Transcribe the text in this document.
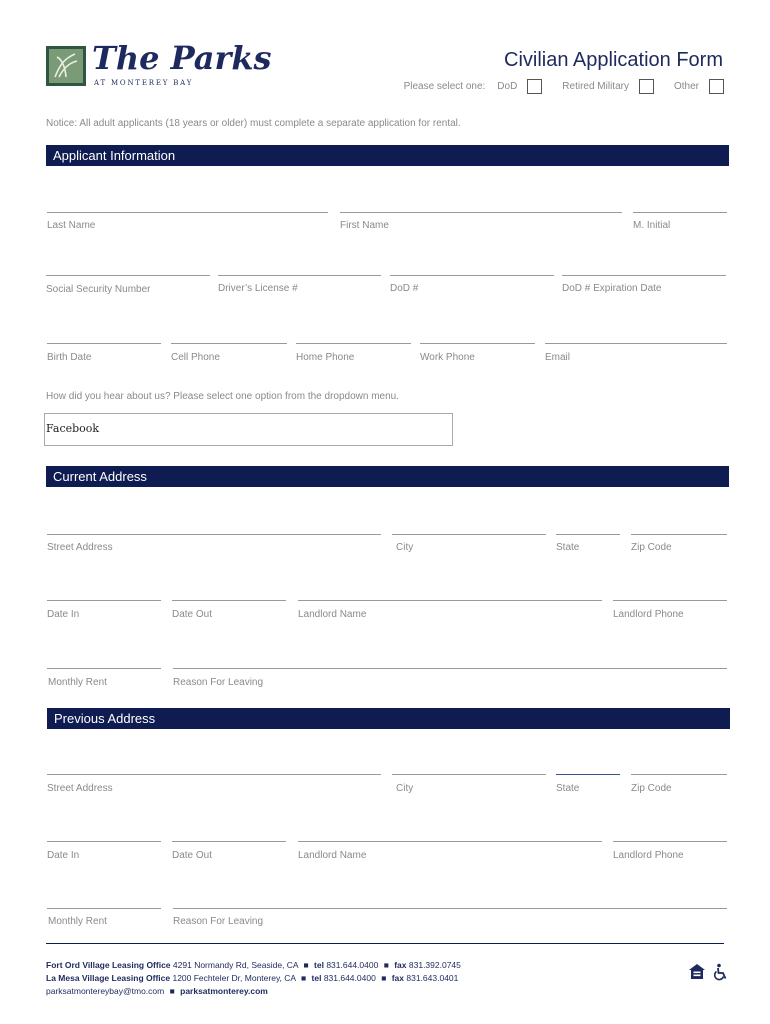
The Parks
AT MONTEREY BAY
Civilian Application Form
Please select one: DoD	Retired Military	Other
Notice: All adult applicants (18 years or older) must complete a separate application for rental.
Applicant Information
Last Name	First Name	M. Initial
Social Security Number	Driver’s License #	DoD #	DoD # Expiration Date
Birth Date	Cell Phone	Home Phone	Work Phone	Email
How did you hear about us? Please select one option from the dropdown menu.
Facebook
Current Address
Street Address	City	State	Zip Code
Date In	Date Out	Landlord Name	Landlord Phone
Monthly Rent	Reason For Leaving
Previous Address
Street Address	City	State	Zip Code
Date In	Date Out	Landlord Name	Landlord Phone
Monthly Rent	Reason For Leaving
Fort Ord Village Leasing Office 4291 Normandy Rd, Seaside, CA ■ tel 831.644.0400 ■ fax 831.392.0745
La Mesa Village Leasing Office 1200 Fechteler Dr, Monterey, CA ■ tel 831.644.0400 ■ fax 831.643.0401
parksatmontereybay@tmo.com ■ parksatmonterey.com
